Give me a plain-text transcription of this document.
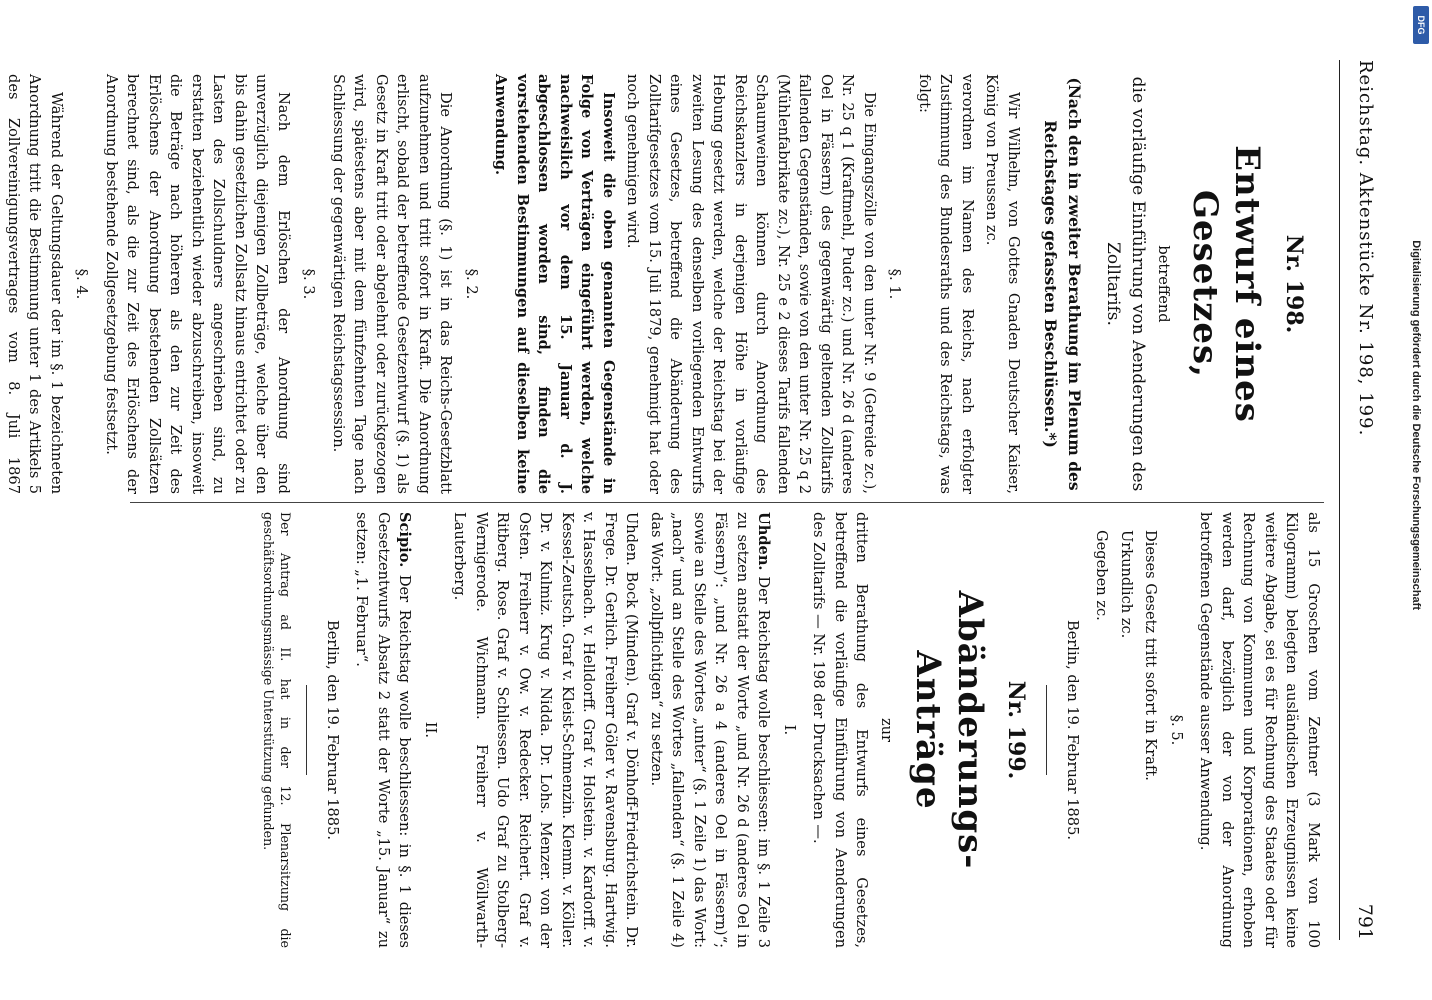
Reichstag. Aktenstücke Nr. 198, 199.
791

Nr. 198.

Entwurf eines Gesetzes,

betreffend

die vorläufige Einführung von Aenderungen des Zolltarifs.

(Nach den in zweiter Berathung im Plenum des Reichstages gefassten Beschlüssen.*)

Wir Wilhelm, von Gottes Gnaden Deutscher Kaiser, König von Preussen zc.

verordnen im Namen des Reichs, nach erfolgter Zustimmung des Bundesraths und des Reichstags, was folgt:

§. 1.

Die Eingangszölle von den unter Nr. 9 (Getreide zc.), Nr. 25 q 1 (Kraftmehl, Puder zc.) und Nr. 26 d (anderes Oel in Fässern) des gegenwärtig geltenden Zolltarifs fallenden Gegenständen, sowie von den unter Nr. 25 q 2 (Mühlenfabrikate zc.), Nr. 25 e 2 dieses Tarifs fallenden Schaumweinen können durch Anordnung des Reichskanzlers in derjenigen Höhe in vorläufige Hebung gesetzt werden, welche der Reichstag bei der zweiten Lesung des denselben vorliegenden Entwurfs eines Gesetzes, betreffend die Abänderung des Zolltarifgesetzes vom 15. Juli 1879, genehmigt hat oder noch genehmigen wird.

Insoweit die oben genannten Gegenstände in Folge von Verträgen eingeführt werden, welche nachweislich vor dem 15. Januar d. J. abgeschlossen worden sind, finden die vorstehenden Bestimmungen auf dieselben keine Anwendung.

§. 2.

Die Anordnung (§. 1) ist in das Reichs-Gesetzblatt aufzunehmen und tritt sofort in Kraft. Die Anordnung erlischt, sobald der betreffende Gesetzentwurf (§. 1) als Gesetz in Kraft tritt oder abgelehnt oder zurückgezogen wird, spätestens aber mit dem fünfzehnten Tage nach Schliessung der gegenwärtigen Reichstagssession.

§. 3.

Nach dem Erlöschen der Anordnung sind unverzüglich diejenigen Zollbeträge, welche über den bis dahin gesetzlichen Zollsatz hinaus entrichtet oder zu Lasten des Zollschuldners angeschrieben sind, zu erstatten beziehentlich wieder abzuschreiben, insoweit die Beträge nach höheren als den zur Zeit des Erlöschens der Anordnung bestehenden Zollsätzen berechnet sind, als die zur Zeit des Erlöschens der Anordnung bestehende Zollgesetzgebung festsetzt.

§. 4.

Während der Geltungsdauer der im §. 1 bezeichneten Anordnung tritt die Bestimmung unter 1 des Artikels 5 des Zollvereinigungsvertrages vom 8. Juli 1867

als 15 Groschen vom Zentner (3 Mark von 100 Kilogramm) belegten ausländischen Erzeugnissen keine weitere Abgabe, sei es für Rechnung des Staates oder für Rechnung von Kommunen und Korporationen, erhoben werden darf, bezüglich der von der Anordnung betroffenen Gegenstände ausser Anwendung.

§. 5.

Dieses Gesetz tritt sofort in Kraft.

Urkundlich zc.

Gegeben zc.

Berlin, den 19. Februar 1885.

Nr. 199.

Abänderungs-Anträge

zur

dritten Berathung des Entwurfs eines Gesetzes, betreffend die vorläufige Einführung von Aenderungen des Zolltarifs — Nr. 198 der Drucksachen —.

I.

Uhden. Der Reichstag wolle beschliessen: im §. 1 Zeile 3 zu setzen anstatt der Worte „und Nr. 26 d (anderes Oel in Fässern)“: „und Nr. 26 a 4 (anderes Oel in Fässern)“; sowie an Stelle des Wortes „unter“ (§. 1 Zeile 1) das Wort: „nach“ und an Stelle des Wortes „fallenden“ (§. 1 Zeile 4) das Wort: „zollpflichtigen“ zu setzen.

Uhden. Bock (Minden). Graf v. Dönhoff-Friedrichstein. Dr. Frege. Dr. Gerlich. Freiherr Göler v. Ravensburg. Hartwig. v. Hasselbach. v. Helldorff. Graf v. Holstein. v. Kardorff. v. Kessel-Zeutsch. Graf v. Kleist-Schmenzin. Klemm. v. Köller. Dr. v. Kulmiz. Krug v. Nidda. Dr. Lohs. Menzer. von der Osten. Freiherr v. Ow. v. Redecker. Reichert. Graf v. Ritberg. Rose. Graf v. Schliessen. Udo Graf zu Stolberg-Wernigerode. Wichmann. Freiherr v. Wöllwarth-Lauterberg.

II.

Scipio. Der Reichstag wolle beschliessen: in §. 1 dieses Gesetzentwurfs Absatz 2 statt der Worte „15. Januar“ zu setzen: „1. Februar“.

Berlin, den 19. Februar 1885.

Der Antrag ad II. hat in der 12. Plenarsitzung die geschäftsordnungsmässige Unterstützung gefunden.

Digitalisierung gefördert durch die Deutsche Forschungsgemeinschaft
DFG
